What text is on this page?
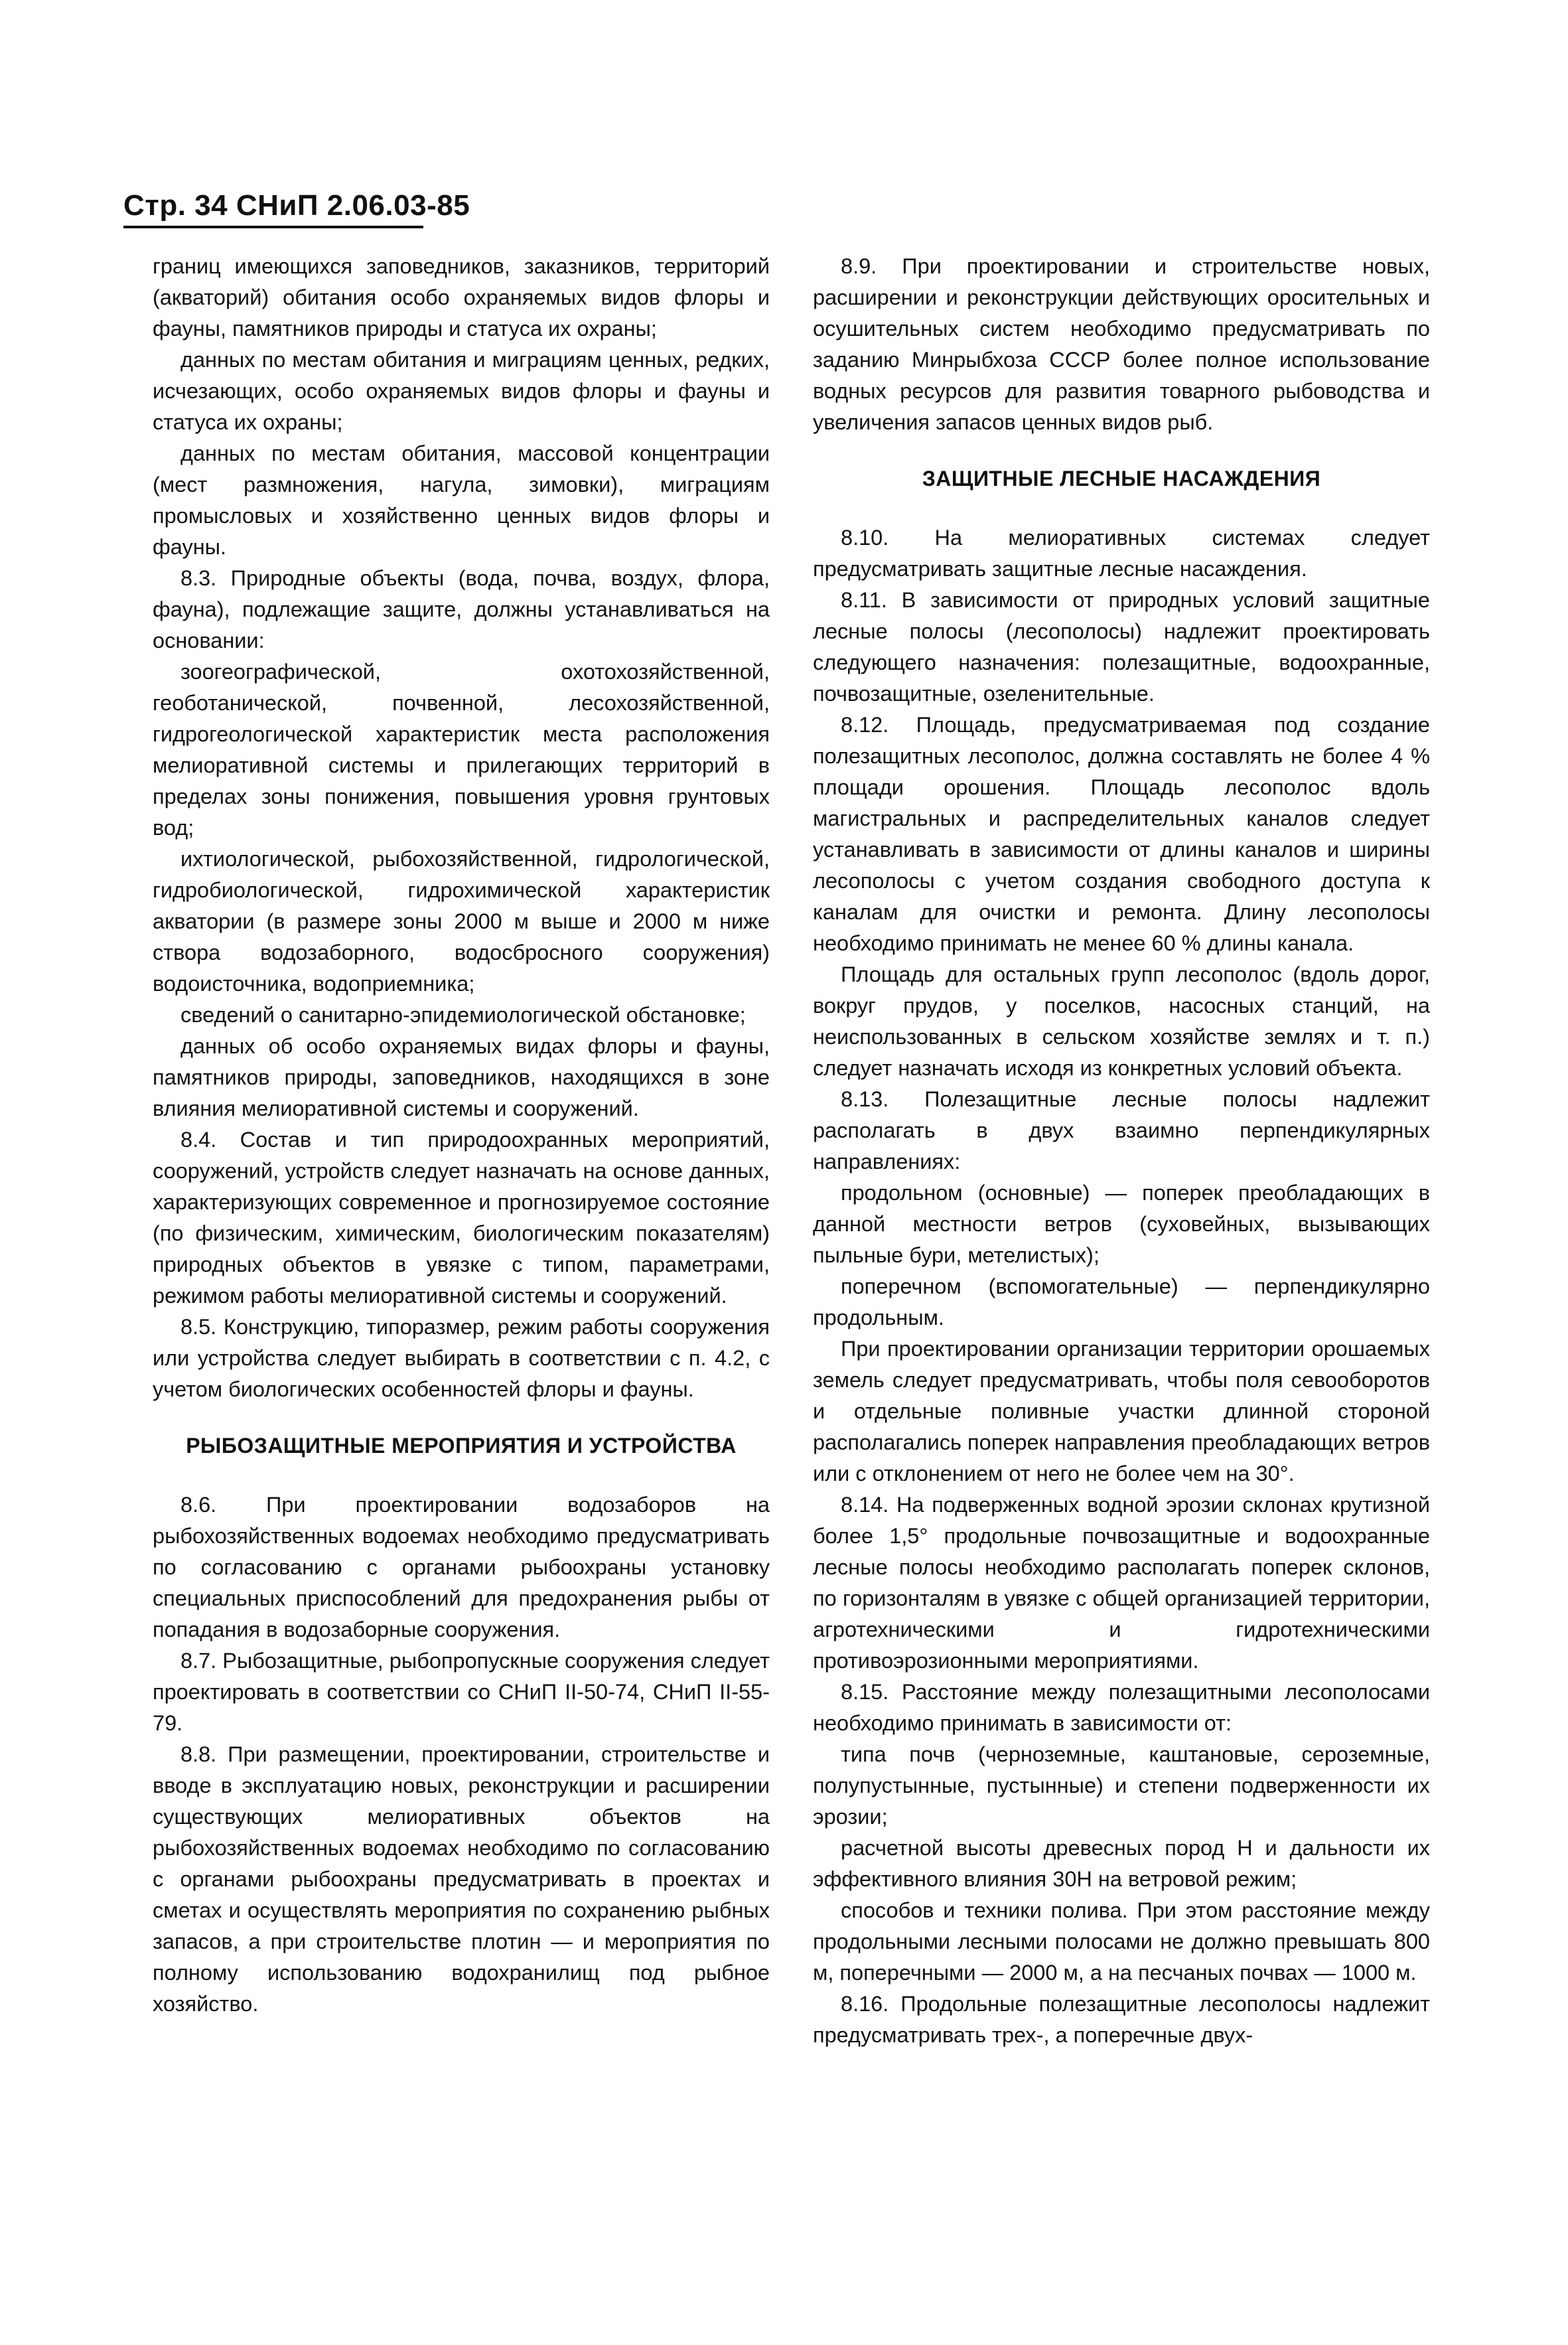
Стр. 34 СНиП 2.06.03-85

границ имеющихся заповедников, заказников, территорий (акваторий) обитания особо охраняемых видов флоры и фауны, памятников природы и статуса их охраны;

данных по местам обитания и миграциям ценных, редких, исчезающих, особо охраняемых видов флоры и фауны и статуса их охраны;

данных по местам обитания, массовой концентрации (мест размножения, нагула, зимовки), миграциям промысловых и хозяйственно ценных видов флоры и фауны.

8.3. Природные объекты (вода, почва, воздух, флора, фауна), подлежащие защите, должны устанавливаться на основании:

зоогеографической, охотохозяйственной, геоботанической, почвенной, лесохозяйственной, гидрогеологической характеристик места расположения мелиоративной системы и прилегающих территорий в пределах зоны понижения, повышения уровня грунтовых вод;

ихтиологической, рыбохозяйственной, гидрологической, гидробиологической, гидрохимической характеристик акватории (в размере зоны 2000 м выше и 2000 м ниже створа водозаборного, водосбросного сооружения) водоисточника, водоприемника;

сведений о санитарно-эпидемиологической обстановке;

данных об особо охраняемых видах флоры и фауны, памятников природы, заповедников, находящихся в зоне влияния мелиоративной системы и сооружений.

8.4. Состав и тип природоохранных мероприятий, сооружений, устройств следует назначать на основе данных, характеризующих современное и прогнозируемое состояние (по физическим, химическим, биологическим показателям) природных объектов в увязке с типом, параметрами, режимом работы мелиоративной системы и сооружений.

8.5. Конструкцию, типоразмер, режим работы сооружения или устройства следует выбирать в соответствии с п. 4.2, с учетом биологических особенностей флоры и фауны.

РЫБОЗАЩИТНЫЕ МЕРОПРИЯТИЯ И УСТРОЙСТВА

8.6. При проектировании водозаборов на рыбохозяйственных водоемах необходимо предусматривать по согласованию с органами рыбоохраны установку специальных приспособлений для предохранения рыбы от попадания в водозаборные сооружения.

8.7. Рыбозащитные, рыбопропускные сооружения следует проектировать в соответствии со СНиП II-50-74, СНиП II-55-79.

8.8. При размещении, проектировании, строительстве и вводе в эксплуатацию новых, реконструкции и расширении существующих мелиоративных объектов на рыбохозяйственных водоемах необходимо по согласованию с органами рыбоохраны предусматривать в проектах и сметах и осуществлять мероприятия по сохранению рыбных запасов, а при строительстве плотин — и мероприятия по полному использованию водохранилищ под рыбное хозяйство.

8.9. При проектировании и строительстве новых, расширении и реконструкции действующих оросительных и осушительных систем необходимо предусматривать по заданию Минрыбхоза СССР более полное использование водных ресурсов для развития товарного рыбоводства и увеличения запасов ценных видов рыб.

ЗАЩИТНЫЕ ЛЕСНЫЕ НАСАЖДЕНИЯ

8.10. На мелиоративных системах следует предусматривать защитные лесные насаждения.

8.11. В зависимости от природных условий защитные лесные полосы (лесополосы) надлежит проектировать следующего назначения: полезащитные, водоохранные, почвозащитные, озеленительные.

8.12. Площадь, предусматриваемая под создание полезащитных лесополос, должна составлять не более 4 % площади орошения. Площадь лесополос вдоль магистральных и распределительных каналов следует устанавливать в зависимости от длины каналов и ширины лесополосы с учетом создания свободного доступа к каналам для очистки и ремонта. Длину лесополосы необходимо принимать не менее 60 % длины канала.

Площадь для остальных групп лесополос (вдоль дорог, вокруг прудов, у поселков, насосных станций, на неиспользованных в сельском хозяйстве землях и т. п.) следует назначать исходя из конкретных условий объекта.

8.13. Полезащитные лесные полосы надлежит располагать в двух взаимно перпендикулярных направлениях:

продольном (основные) — поперек преобладающих в данной местности ветров (суховейных, вызывающих пыльные бури, метелистых);

поперечном (вспомогательные) — перпендикулярно продольным.

При проектировании организации территории орошаемых земель следует предусматривать, чтобы поля севооборотов и отдельные поливные участки длинной стороной располагались поперек направления преобладающих ветров или с отклонением от него не более чем на 30°.

8.14. На подверженных водной эрозии склонах крутизной более 1,5° продольные почвозащитные и водоохранные лесные полосы необходимо располагать поперек склонов, по горизонталям в увязке с общей организацией территории, агротехническими и гидротехническими противоэрозионными мероприятиями.

8.15. Расстояние между полезащитными лесополосами необходимо принимать в зависимости от:

типа почв (черноземные, каштановые, сероземные, полупустынные, пустынные) и степени подверженности их эрозии;

расчетной высоты древесных пород H и дальности их эффективного влияния 30H на ветровой режим;

способов и техники полива. При этом расстояние между продольными лесными полосами не должно превышать 800 м, поперечными — 2000 м, а на песчаных почвах — 1000 м.

8.16. Продольные полезащитные лесополосы надлежит предусматривать трех-, а поперечные двух-
